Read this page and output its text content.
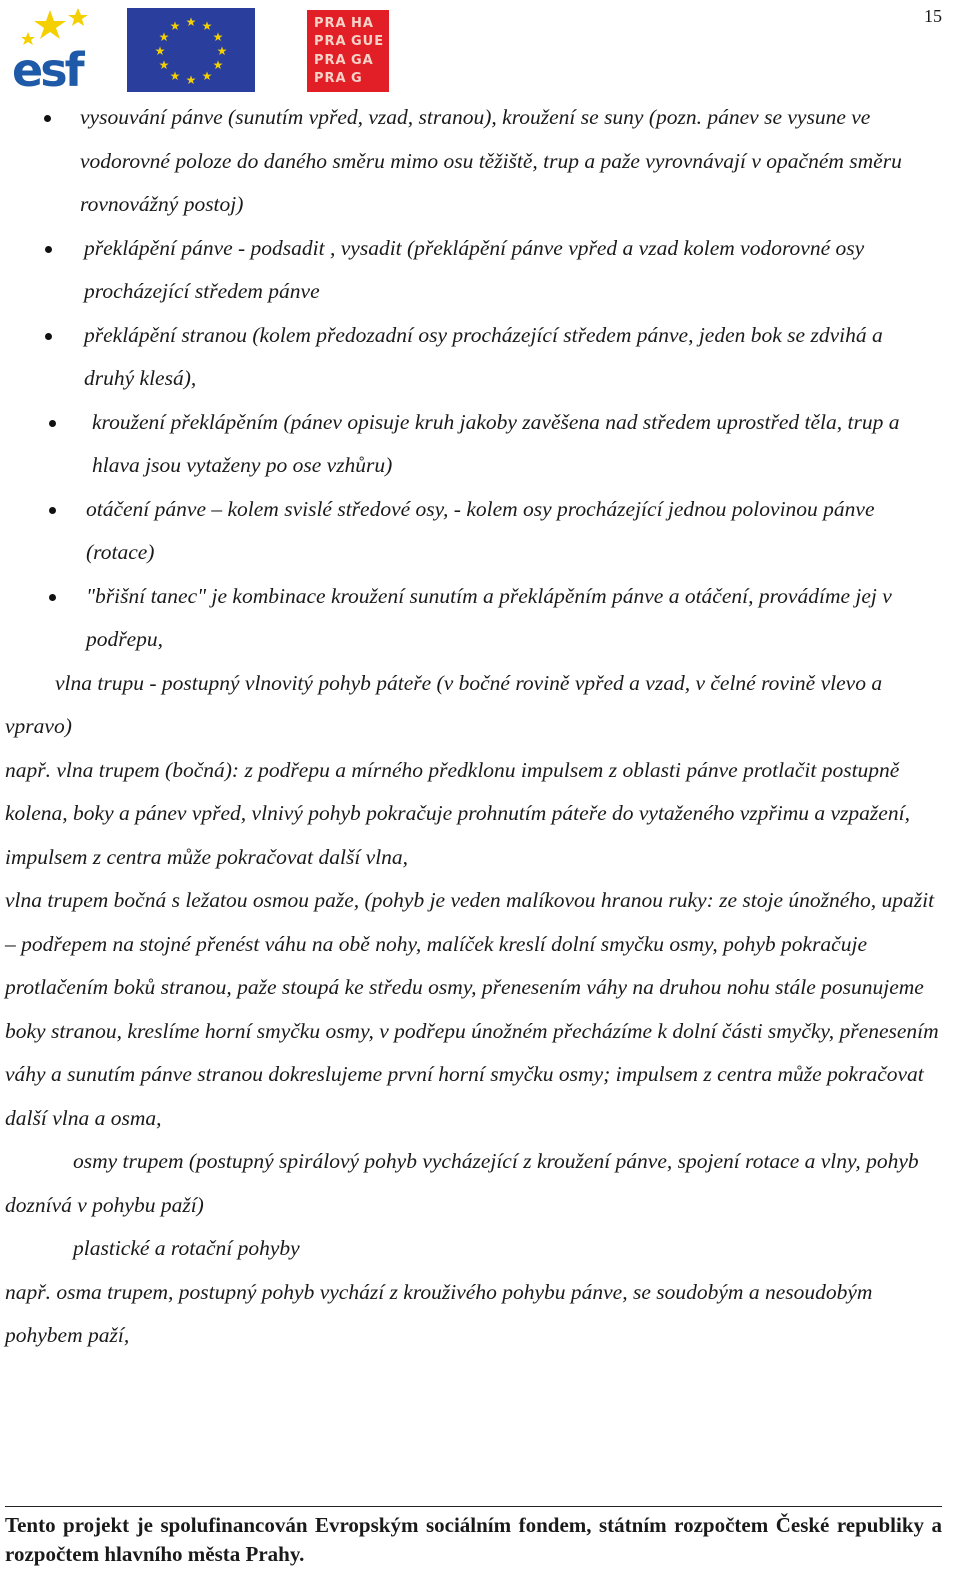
15
esf
★ ★
★
★
★
★
★
★
★
★
★
★	PRA HA
PRA GUE
PRA GA
PRA G
vysouvání pánve (sunutím vpřed, vzad, stranou), kroužení se suny (pozn. pánev se vysune ve vodorovné poloze do daného směru mimo osu těžiště, trup a paže vyrovnávají v opačném směru rovnovážný postoj)
překlápění pánve - podsadit , vysadit (překlápění pánve vpřed a vzad kolem vodorovné osy procházející středem pánve
překlápění stranou (kolem předozadní osy procházející středem pánve, jeden bok se zdvihá a druhý klesá),
kroužení překlápěním (pánev opisuje kruh jakoby zavěšena nad středem uprostřed těla, trup a hlava jsou vytaženy po ose vzhůru)
otáčení pánve – kolem svislé středové osy, - kolem osy procházející jednou polovinou pánve (rotace)
"břišní tanec" je kombinace kroužení sunutím a překlápěním pánve a otáčení, provádíme jej v podřepu,

vlna trupu - postupný vlnovitý pohyb páteře (v bočné rovině vpřed a vzad, v čelné rovině vlevo a vpravo)

např. vlna trupem (bočná): z podřepu a mírného předklonu impulsem z oblasti pánve protlačit postupně kolena, boky a pánev vpřed, vlnivý pohyb pokračuje prohnutím páteře do vytaženého vzpřimu a vzpažení, impulsem z centra může pokračovat další vlna,

vlna trupem bočná s ležatou osmou paže, (pohyb je veden malíkovou hranou ruky: ze stoje únožného, upažit – podřepem na stojné přenést váhu na obě nohy, malíček kreslí dolní smyčku osmy, pohyb pokračuje protlačením boků stranou, paže stoupá ke středu osmy, přenesením váhy na druhou nohu stále posunujeme boky stranou, kreslíme horní smyčku osmy, v podřepu únožném přecházíme k dolní části smyčky, přenesením váhy a sunutím pánve stranou dokreslujeme první horní smyčku osmy; impulsem z centra může pokračovat další vlna a osma,

osmy trupem (postupný spirálový pohyb vycházející z kroužení pánve, spojení rotace a vlny, pohyb doznívá v pohybu paží)

plastické a rotační pohyby

např. osma trupem, postupný pohyb vychází z krouživého pohybu pánve, se soudobým a nesoudobým pohybem paží,

Tento projekt je spolufinancován Evropským sociálním fondem, státním rozpočtem České republiky a rozpočtem hlavního města Prahy.
